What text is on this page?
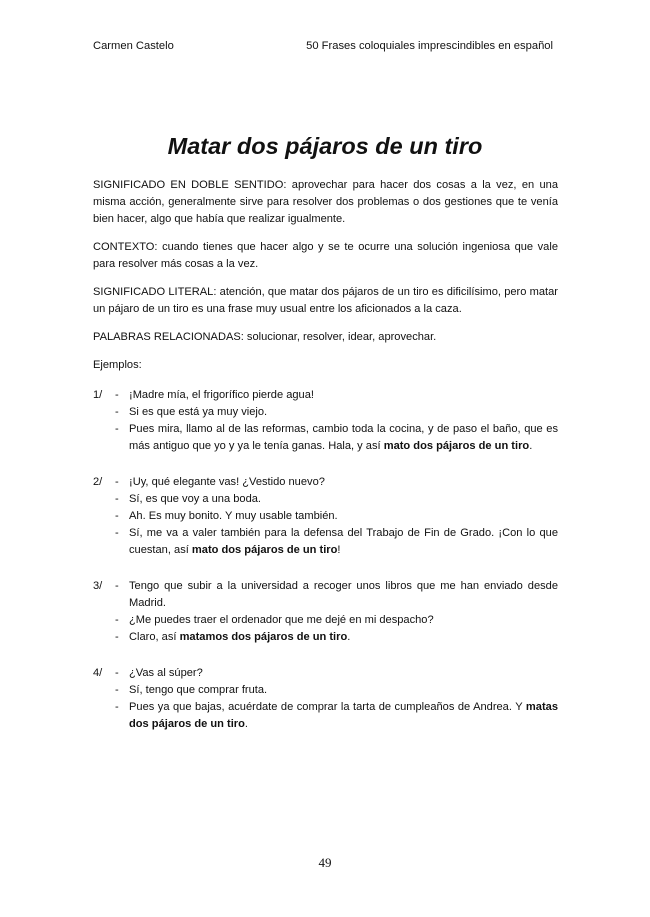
Carmen Castelo	50 Frases coloquiales imprescindibles en español
Matar dos pájaros de un tiro

SIGNIFICADO EN DOBLE SENTIDO: aprovechar para hacer dos cosas a la vez, en una misma acción, generalmente sirve para resolver dos problemas o dos gestiones que te venía bien hacer, algo que había que realizar igualmente.

CONTEXTO: cuando tienes que hacer algo y se te ocurre una solución ingeniosa que vale para resolver más cosas a la vez.

SIGNIFICADO LITERAL: atención, que matar dos pájaros de un tiro es dificilísimo, pero matar un pájaro de un tiro es una frase muy usual entre los aficionados a la caza.

PALABRAS RELACIONADAS: solucionar, resolver, idear, aprovechar.

Ejemplos:

1/	- ¡Madre mía, el frigorífico pierde agua!
- Si es que está ya muy viejo.
- Pues mira, llamo al de las reformas, cambio toda la cocina, y de paso el baño, que es más antiguo que yo y ya le tenía ganas. Hala, y así mato dos pájaros de un tiro.
2/	- ¡Uy, qué elegante vas! ¿Vestido nuevo?
- Sí, es que voy a una boda.
- Ah. Es muy bonito. Y muy usable también.
- Sí, me va a valer también para la defensa del Trabajo de Fin de Grado. ¡Con lo que cuestan, así mato dos pájaros de un tiro!
3/	- Tengo que subir a la universidad a recoger unos libros que me han enviado desde Madrid.
- ¿Me puedes traer el ordenador que me dejé en mi despacho?
- Claro, así matamos dos pájaros de un tiro.
4/	- ¿Vas al súper?
- Sí, tengo que comprar fruta.
- Pues ya que bajas, acuérdate de comprar la tarta de cumpleaños de Andrea. Y matas dos pájaros de un tiro.
49
